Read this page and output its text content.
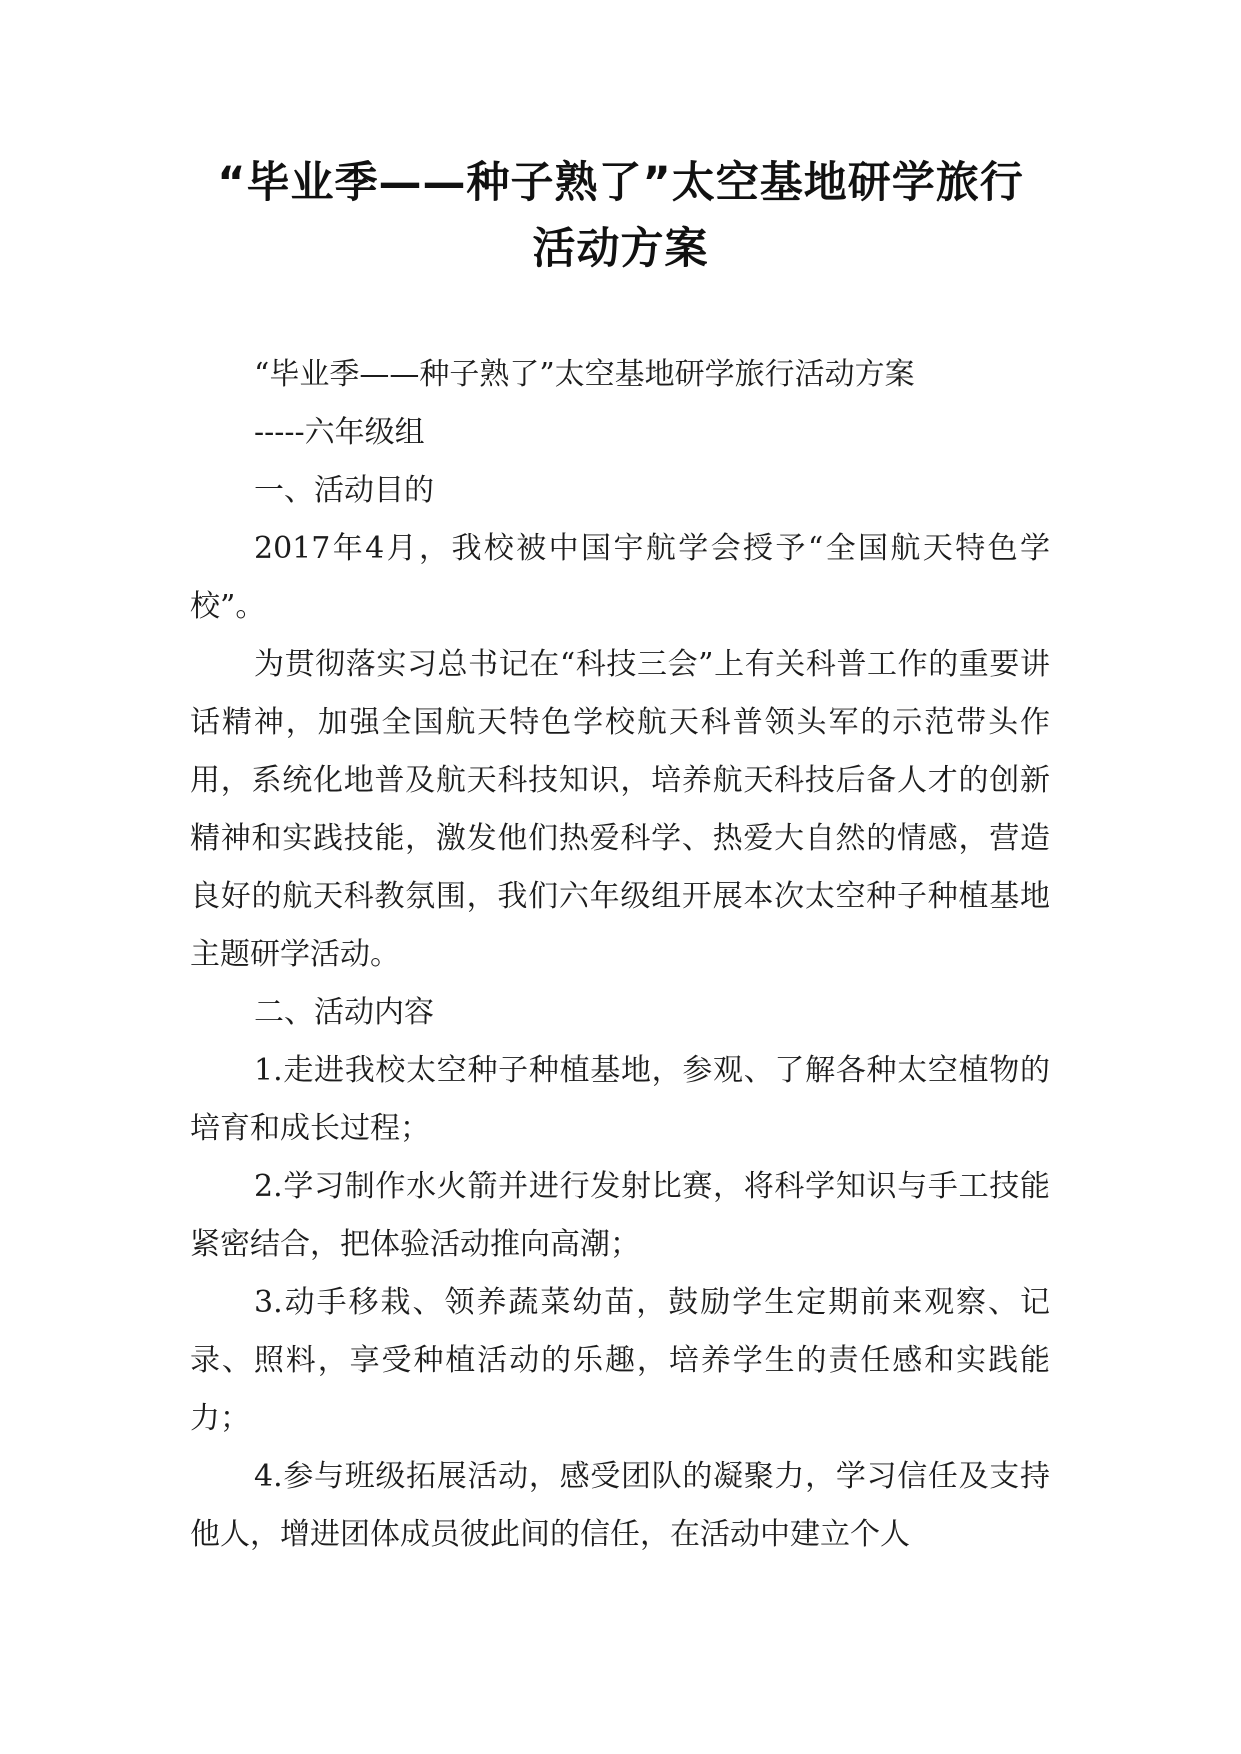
“毕业季——种子熟了”太空基地研学旅行
活动方案

“毕业季——种子熟了”太空基地研学旅行活动方案

-----六年级组

一、活动目的

2017年4月，我校被中国宇航学会授予“全国航天特色学校”。

为贯彻落实习总书记在“科技三会”上有关科普工作的重要讲话精神，加强全国航天特色学校航天科普领头军的示范带头作用，系统化地普及航天科技知识，培养航天科技后备人才的创新精神和实践技能，激发他们热爱科学、热爱大自然的情感，营造良好的航天科教氛围，我们六年级组开展本次太空种子种植基地主题研学活动。

二、活动内容

1.走进我校太空种子种植基地，参观、了解各种太空植物的培育和成长过程；

2.学习制作水火箭并进行发射比赛，将科学知识与手工技能紧密结合，把体验活动推向高潮；

3.动手移栽、领养蔬菜幼苗，鼓励学生定期前来观察、记录、照料，享受种植活动的乐趣，培养学生的责任感和实践能力；

4.参与班级拓展活动，感受团队的凝聚力，学习信任及支持他人，增进团体成员彼此间的信任，在活动中建立个人
